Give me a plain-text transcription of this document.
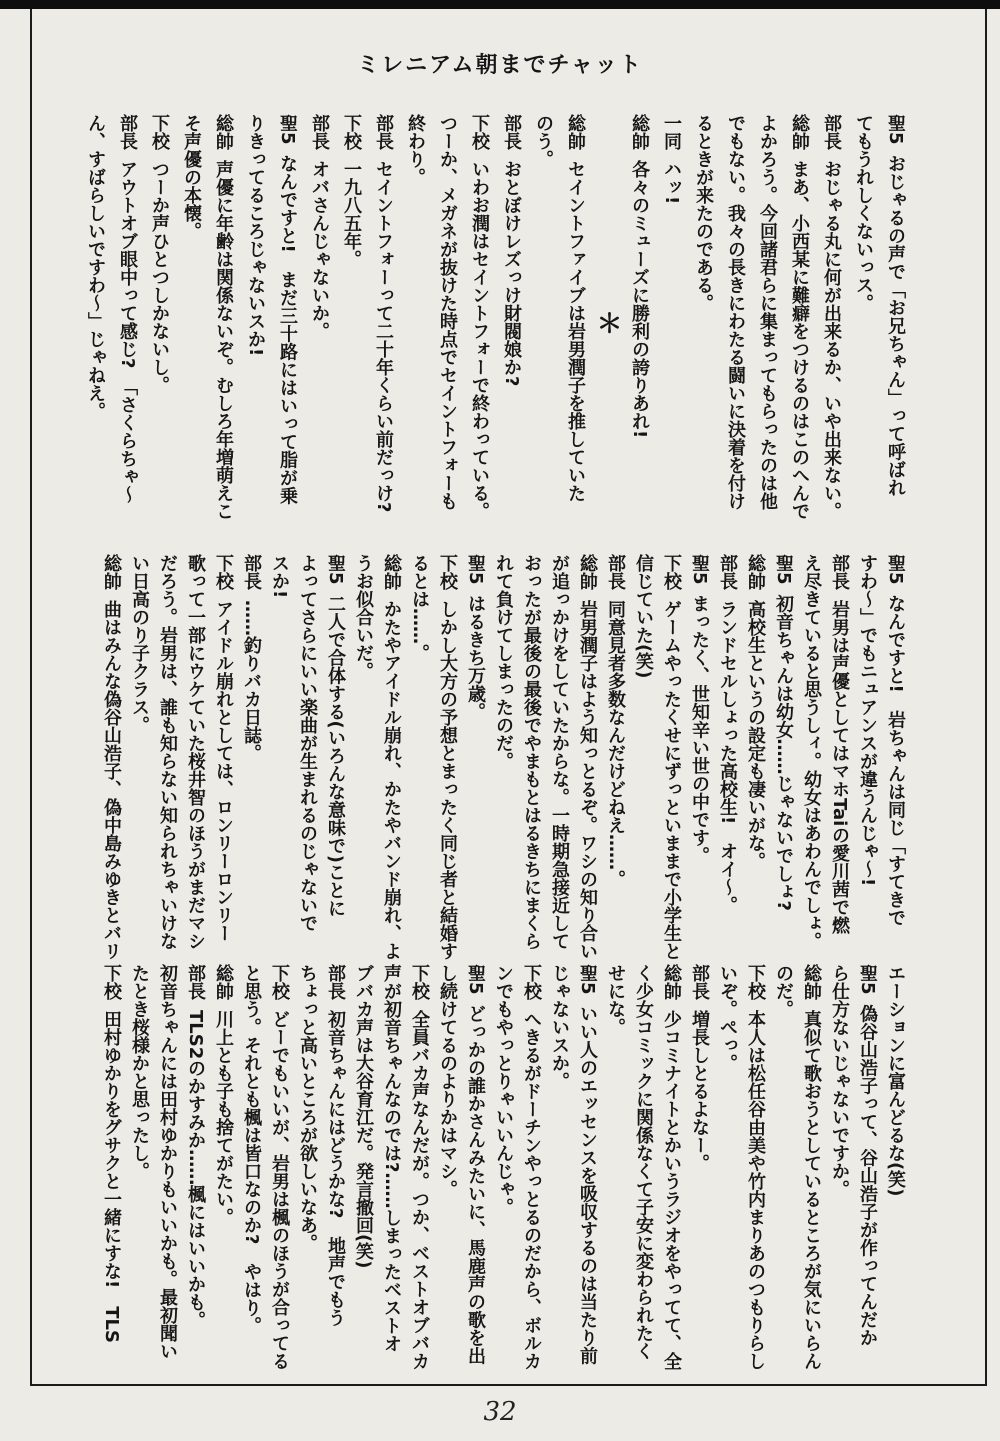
ミレニアム朝までチャット
聖5おじゃるの声で「お兄ちゃん」って呼ばれ
てもうれしくないっス。
部長おじゃる丸に何が出来るか、いや出来ない。
総帥まあ、小西某に難癖をつけるのはこのへんで
よかろう。今回諸君らに集まってもらったのは他
でもない。我々の長きにわたる闘いに決着を付け
るときが来たのである。
一同ハッ!
総帥各々のミューズに勝利の誇りあれ!
＊
総帥セイントファイブは岩男潤子を推していた
のう。
部長おとぼけレズっけ財閥娘か?
下校いわお潤はセイントフォーで終わっている。
つーか、メガネが抜けた時点でセイントフォーも
終わり。
部長セイントフォーって二十年くらい前だっけ?
下校一九八五年。
部長オバさんじゃないか。
聖5なんですと!　まだ三十路にはいって脂が乗
りきってるころじゃないスか!
総帥声優に年齢は関係ないぞ。むしろ年増萌えこ
そ声優の本懐。
下校つーか声ひとつしかないし。
部長アウトオブ眼中って感じ?　「さくらちゃ〜
ん、すばらしいですわ〜」じゃねえ。
聖5なんですと!　岩ちゃんは同じ「すてきで
すわ〜」でもニュアンスが違うんじゃ〜!
部長岩男は声優としてはマホTaiの愛川茜で燃
え尽きていると思うしィ。幼女はあわんでしょ。
聖5初音ちゃんは幼女……じゃないでしょ?
総帥高校生というの設定も凄いがな。
部長ランドセルしょった高校生!　オイ〜。
聖5まったく、世知辛い世の中です。
下校ゲームやったくせにずっといままで小学生と
信じていた(笑)
部長同意見者多数なんだけどねえ……。
総帥岩男潤子はよう知っとるぞ。ワシの知り合い
が追っかけをしていたからな。一時期急接近して
おったが最後の最後でやまもとはるきちにまくら
れて負けてしまったのだ。
聖5はるきち万歳。
下校しかし大方の予想とまったく同じ者と結婚す
るとは……。
総帥かたやアイドル崩れ、かたやバンド崩れ、よ
うお似合いだ。
聖5二人で合体する(いろんな意味で)ことに
よってさらにいい楽曲が生まれるのじゃないで
スか!
部長……釣りバカ日誌。
下校アイドル崩れとしては、ロンリーロンリー
歌って一部にウケていた桜井智のほうがまだマシ
だろう。岩男は、誰も知らない知られちゃいけな
い日高のり子クラス。
総帥曲はみんな偽谷山浩子、偽中島みゆきとバリ
エーションに富んどるな(笑)
聖5偽谷山浩子って、谷山浩子が作ってんだか
ら仕方ないじゃないですか。
総帥真似て歌おうとしているところが気にいらん
のだ。
下校本人は松任谷由美や竹内まりあのつもりらし
いぞ。ぺっ。
部長増長しとるよなー。
総帥少コミナイトとかいうラジオをやってて、全
く少女コミックに関係なくて子安に変わられたく
せにな。
聖5いい人のエッセンスを吸収するのは当たり前
じゃないスか。
下校へきるがドーチンやっとるのだから、ボルカ
ンでもやっとりゃいいんじゃ。
聖5どっかの誰かさんみたいに、馬鹿声の歌を出
し続けてるのよりかはマシ。
下校全員バカ声なんだが。つか、ベストオブバカ
声が初音ちゃんなのでは?……しまったベストオ
ブバカ声は大谷育江だ。発言撤回(笑)
部長初音ちゃんにはどうかな?　地声でもう
ちょっと高いところが欲しいなあ。
下校どーでもいいが、岩男は楓のほうが合ってる
と思う。それとも楓は皆口なのか?　やはり。
総帥川上とも子も捨てがたい。
部長TLS2のかすみか……楓にはいいかも。
初音ちゃんには田村ゆかりもいいかも。最初聞い
たとき桜様かと思ったし。
下校田村ゆかりをグサクと一緒にすな!　TLS
32
